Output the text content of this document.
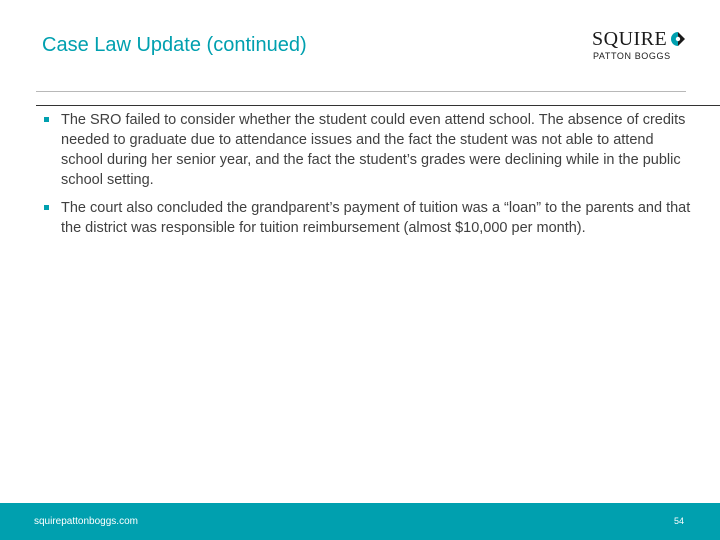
Case Law Update (continued)	SQUIRE
PATTON BOGGS
The SRO failed to consider whether the student could even attend school. The absence of credits needed to graduate due to attendance issues and the fact the student was not able to attend school during her senior year, and the fact the student’s grades were declining while in the public school setting.
The court also concluded the grandparent’s payment of tuition was a “loan” to the parents and that the district was responsible for tuition reimbursement (almost $10,000 per month).
squirepattonboggs.com	54
